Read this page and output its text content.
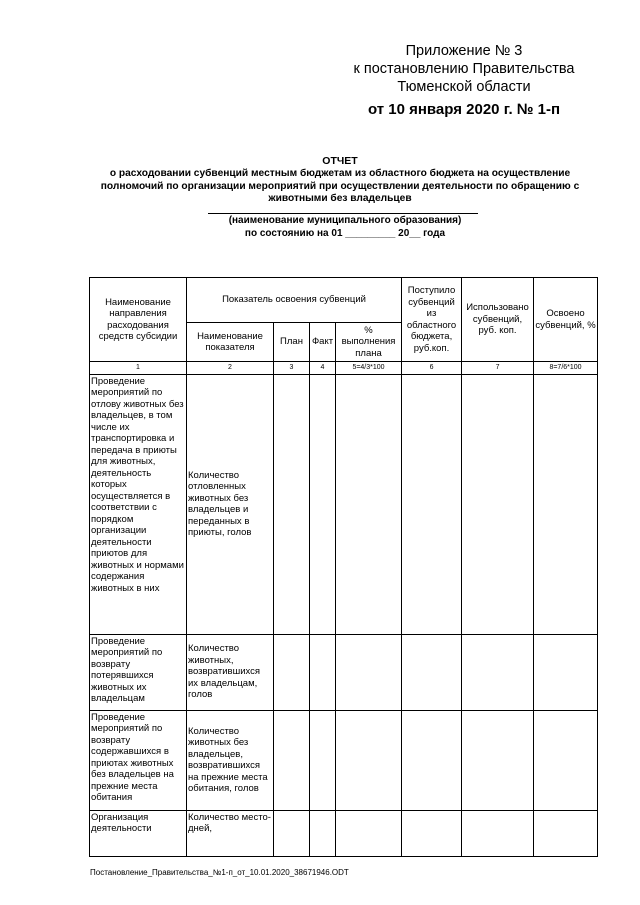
Приложение № 3
к постановлению Правительства
Тюменской области
от 10 января 2020 г. № 1-п
ОТЧЕТ
о расходовании субвенций местным бюджетам из областного бюджета на осуществление полномочий по организации мероприятий при осуществлении деятельности по обращению с животными без владельцев
(наименование муниципального образования)
по состоянию на 01 _________ 20__ года
Наименование направления расходования средств субсидии	Показатель освоения субвенций				Поступило субвенций из областного бюджета, руб.коп.	Использовано субвенций, руб. коп.	Освоено субвенций, %
	Наименование показателя	План	Факт	% выполнения плана			
1	2	3	4	5=4/3*100	6	7	8=7/6*100
Проведение мероприятий по отлову животных без владельцев, в том числе их транспортировка и передача в приюты для животных, деятельность которых осуществляется в соответствии с порядком организации деятельности приютов для животных и нормами содержания животных в них	Количество отловленных животных без владельцев и переданных в приюты, голов						
Проведение мероприятий по возврату потерявшихся животных их владельцам	Количество животных, возвратившихся их владельцам, голов						
Проведение мероприятий по возврату содержавшихся в приютах животных без владельцев на прежние места обитания	Количество животных без владельцев, возвратившихся на прежние места обитания, голов						
Организация деятельности	Количество место-дней,						
Постановление_Правительства_№1-п_от_10.01.2020_38671946.ODT
